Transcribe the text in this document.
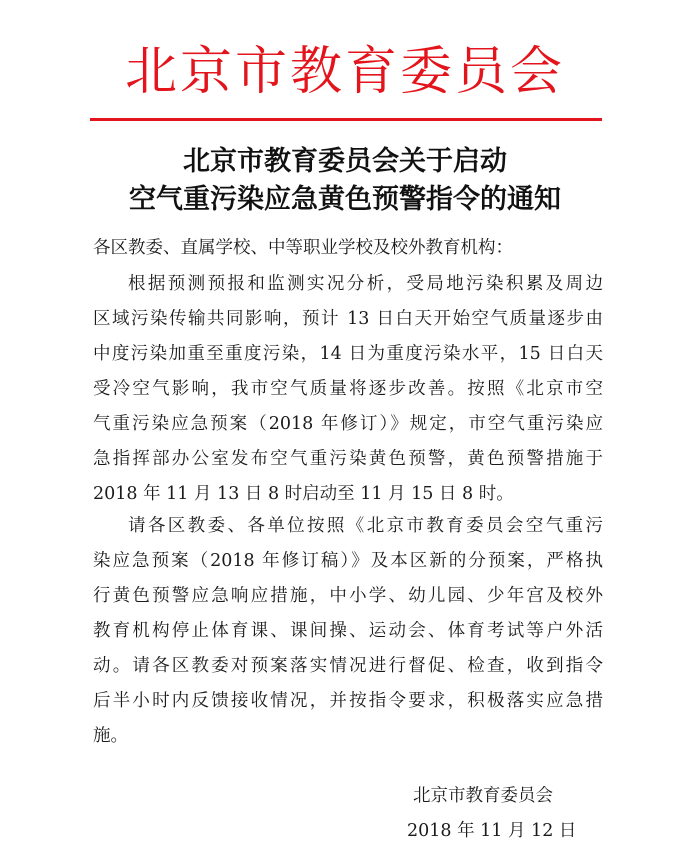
北京市教育委员会
北京市教育委员会关于启动
空气重污染应急黄色预警指令的通知
各区教委、直属学校、中等职业学校及校外教育机构：
根据预测预报和监测实况分析，受局地污染积累及周边
区域污染传输共同影响，预计 13 日白天开始空气质量逐步由
中度污染加重至重度污染，14 日为重度污染水平，15 日白天
受冷空气影响，我市空气质量将逐步改善。按照《北京市空
气重污染应急预案（2018 年修订）》规定，市空气重污染应
急指挥部办公室发布空气重污染黄色预警，黄色预警措施于
2018 年 11 月 13 日 8 时启动至 11 月 15 日 8 时。
请各区教委、各单位按照《北京市教育委员会空气重污
染应急预案（2018 年修订稿）》及本区新的分预案，严格执
行黄色预警应急响应措施，中小学、幼儿园、少年宫及校外
教育机构停止体育课、课间操、运动会、体育考试等户外活
动。请各区教委对预案落实情况进行督促、检查，收到指令
后半小时内反馈接收情况，并按指令要求，积极落实应急措
施。
北京市教育委员会
2018 年 11 月 12 日
